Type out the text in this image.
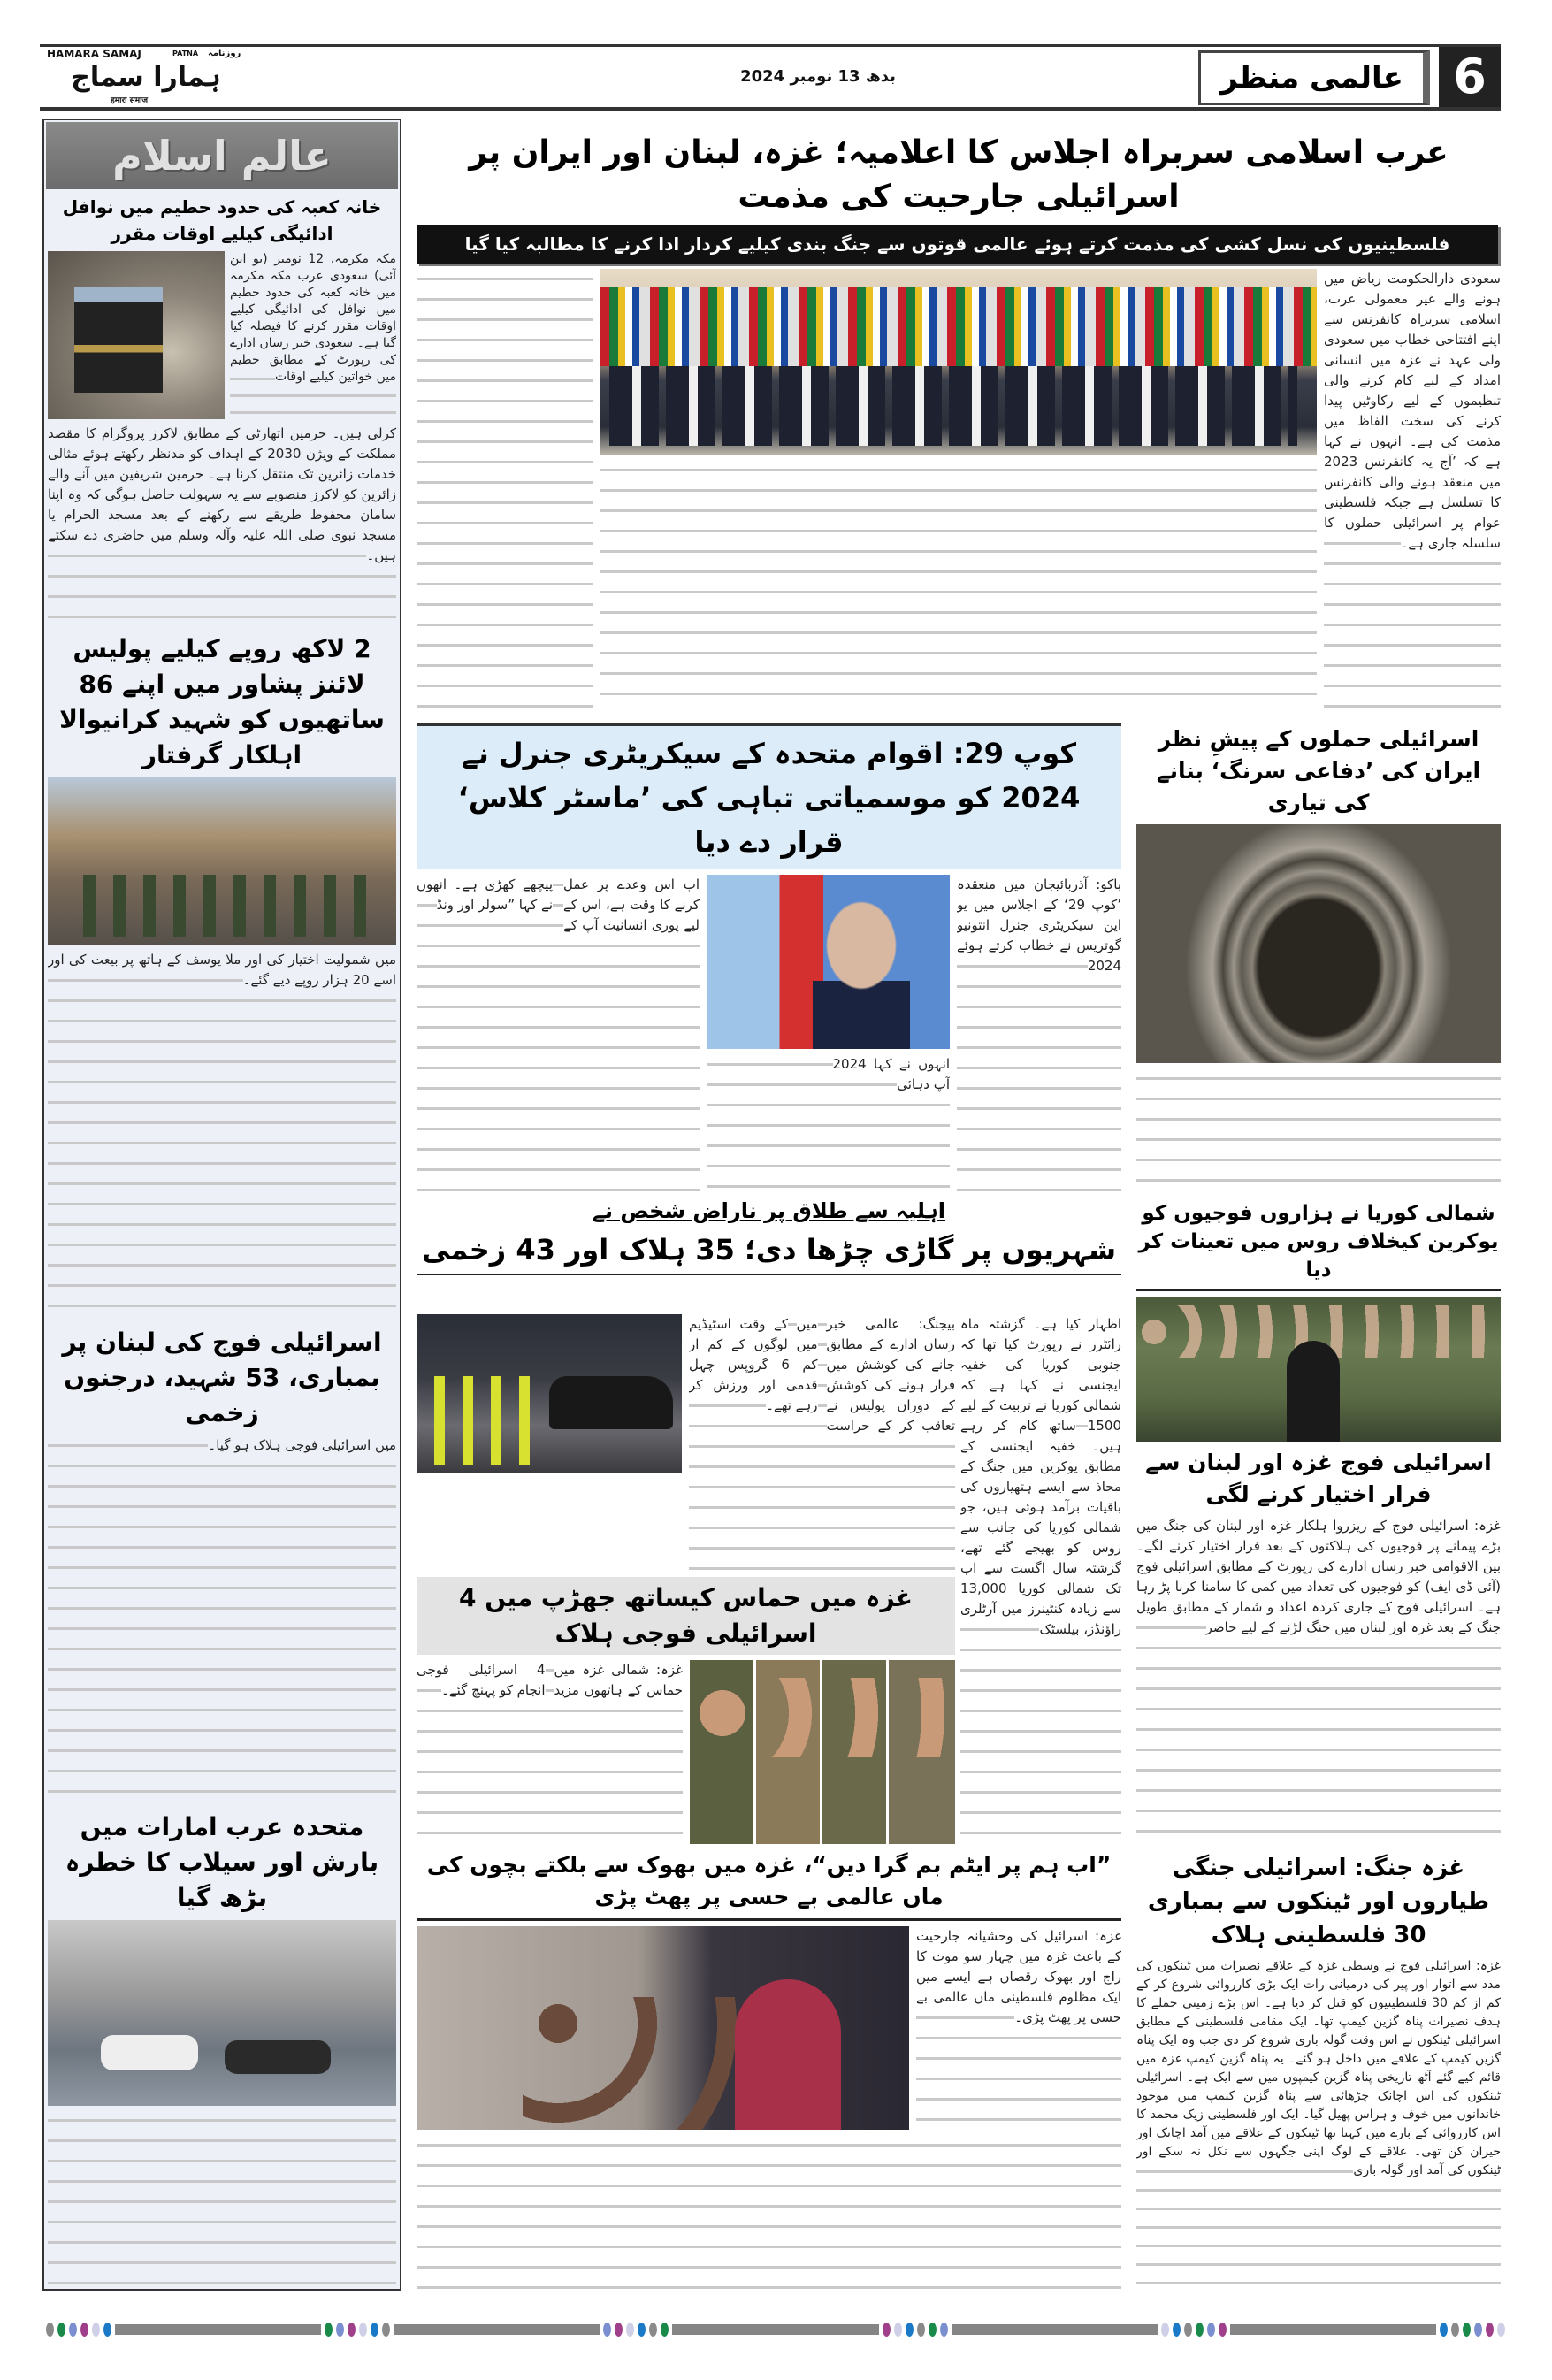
HAMARA SAMAJ	PATNA روزنامہ
ہمارا سماج
हमारा समाज
بدھ 13 نومبر 2024	عالمی منظر	6
عالم اسلام
خانہ کعبہ کی حدود حطیم میں نوافل ادائیگی کیلیے اوقات مقرر
مکہ مکرمہ، 12 نومبر (یو این آئی) سعودی عرب مکہ مکرمہ میں خانہ کعبہ کی حدود حطیم میں نوافل کی ادائیگی کیلیے اوقات مقرر کرنے کا فیصلہ کیا گیا ہے۔ سعودی خبر رساں ادارے کی رپورٹ کے مطابق حطیم میں خواتین کیلیے اوقات
کرلی ہیں۔ حرمین اتھارٹی کے مطابق لاکرز پروگرام کا مقصد مملکت کے ویژن 2030 کے اہداف کو مدنظر رکھتے ہوئے مثالی خدمات زائرین تک منتقل کرنا ہے۔ حرمین شریفین میں آنے والے زائرین کو لاکرز منصوبے سے یہ سہولت حاصل ہوگی کہ وہ اپنا سامان محفوظ طریقے سے رکھنے کے بعد مسجد الحرام یا مسجد نبوی صلی اللہ علیہ وآلہ وسلم میں حاضری دے سکتے ہیں۔
2 لاکھ روپے کیلیے پولیس لائنز پشاور میں اپنے 86 ساتھیوں کو شہید کرانیوالا اہلکار گرفتار
میں شمولیت اختیار کی اور ملا یوسف کے ہاتھ پر بیعت کی اور اسے 20 ہزار روپے دیے گئے۔
اسرائیلی فوج کی لبنان پر بمباری، 53 شہید، درجنوں زخمی
میں اسرائیلی فوجی ہلاک ہو گیا۔
متحدہ عرب امارات میں بارش اور سیلاب کا خطرہ بڑھ گیا
عرب اسلامی سربراہ اجلاس کا اعلامیہ؛ غزہ، لبنان اور ایران پر اسرائیلی جارحیت کی مذمت
فلسطینیوں کی نسل کشی کی مذمت کرتے ہوئے عالمی قوتوں سے جنگ بندی کیلیے کردار ادا کرنے کا مطالبہ کیا گیا
سعودی دارالحکومت ریاض میں ہونے والے غیر معمولی عرب، اسلامی سربراہ کانفرنس سے اپنے افتتاحی خطاب میں سعودی ولی عہد نے غزہ میں انسانی امداد کے لیے کام کرنے والی تنظیموں کے لیے رکاوٹیں پیدا کرنے کی سخت الفاظ میں مذمت کی ہے۔ انہوں نے کہا ہے کہ ’آج یہ کانفرنس 2023 میں منعقد ہونے والی کانفرنس کا تسلسل ہے جبکہ فلسطینی عوام پر اسرائیلی حملوں کا سلسلہ جاری ہے۔
کوپ 29: اقوام متحدہ کے سیکریٹری جنرل نے 2024 کو موسمیاتی تباہی کی ’ماسٹر کلاس‘ قرار دے دیا
اب اس وعدے پر عمل کرنے کا وقت ہے، اس کے لیے پوری انسانیت آپ کے پیچھے کھڑی ہے۔ انھوں نے کہا ”سولر اور ونڈ
انہوں نے کہا 2024 آپ دہائی
باکو: آذربائیجان میں منعقدہ ’کوپ 29‘ کے اجلاس میں یو این سیکریٹری جنرل انتونیو گوتریس نے خطاب کرتے ہوئے 2024
اسرائیلی حملوں کے پیشِ نظر ایران کی ’دفاعی سرنگ‘ بنانے کی تیاری
اہلیہ سے طلاق پر ناراض شخص نے
شہریوں پر گاڑی چڑھا دی؛ 35 ہلاک اور 43 زخمی
بیجنگ: عالمی خبر رساں ادارے کے مطابق جانے کی کوشش میں فرار ہونے کی کوشش کے دوران پولیس نے تعاقب کر کے حراست میں کے وقت اسٹیڈیم میں لوگوں کے کم از کم 6 گروپس چہل قدمی اور ورزش کر رہے تھے۔
اظہار کیا ہے۔ گزشتہ ماہ رائٹرز نے رپورٹ کیا تھا کہ جنوبی کوریا کی خفیہ ایجنسی نے کہا ہے کہ شمالی کوریا نے تربیت کے لیے 1500 ساتھ کام کر رہے ہیں۔ خفیہ ایجنسی کے مطابق یوکرین میں جنگ کے محاذ سے ایسے ہتھیاروں کی باقیات برآمد ہوئی ہیں، جو شمالی کوریا کی جانب سے روس کو بھیجے گئے تھے، گزشتہ سال اگست سے اب تک شمالی کوریا 13,000 سے زیادہ کنٹینرز میں آرٹلری راؤنڈز، بیلسٹک
شمالی کوریا نے ہزاروں فوجیوں کو یوکرین کیخلاف روس میں تعینات کر دیا
اسرائیلی فوج غزہ اور لبنان سے فرار اختیار کرنے لگی
غزہ: اسرائیلی فوج کے ریزروا ہلکار غزہ اور لبنان کی جنگ میں بڑے پیمانے پر فوجیوں کی ہلاکتوں کے بعد فرار اختیار کرنے لگے۔ بین الاقوامی خبر رساں ادارے کی رپورٹ کے مطابق اسرائیلی فوج (آئی ڈی ایف) کو فوجیوں کی تعداد میں کمی کا سامنا کرنا پڑ رہا ہے۔ اسرائیلی فوج کے جاری کردہ اعداد و شمار کے مطابق طویل جنگ کے بعد غزہ اور لبنان میں جنگ لڑنے کے لیے حاضر
غزہ میں حماس کیساتھ جھڑپ میں 4 اسرائیلی فوجی ہلاک
غزہ: شمالی غزہ میں حماس کے ہاتھوں مزید 4 اسرائیلی فوجی انجام کو پہنچ گئے۔
”اب ہم پر ایٹم بم گرا دیں“، غزہ میں بھوک سے بلکتے بچوں کی ماں عالمی بے حسی پر پھٹ پڑی
غزہ: اسرائیل کی وحشیانہ جارحیت کے باعث غزہ میں چہار سو موت کا راج اور بھوک رقصاں ہے ایسے میں ایک مظلوم فلسطینی ماں عالمی بے حسی پر پھٹ پڑی۔
غزہ جنگ: اسرائیلی جنگی طیاروں اور ٹینکوں سے بمباری 30 فلسطینی ہلاک
غزہ: اسرائیلی فوج نے وسطی غزہ کے علاقے نصیرات میں ٹینکوں کی مدد سے اتوار اور پیر کی درمیانی رات ایک بڑی کارروائی شروع کر کے کم از کم 30 فلسطینیوں کو قتل کر دیا ہے۔ اس بڑے زمینی حملے کا ہدف نصیرات پناہ گزین کیمپ تھا۔ ایک مقامی فلسطینی کے مطابق اسرائیلی ٹینکوں نے اس وقت گولہ باری شروع کر دی جب وہ ایک پناہ گزین کیمپ کے علاقے میں داخل ہو گئے۔ یہ پناہ گزین کیمپ غزہ میں قائم کیے گئے آٹھ تاریخی پناہ گزین کیمپوں میں سے ایک ہے۔ اسرائیلی ٹینکوں کی اس اچانک چڑھائی سے پناہ گزین کیمپ میں موجود خاندانوں میں خوف و ہراس پھیل گیا۔ ایک اور فلسطینی زیک محمد کا اس کارروائی کے بارے میں کہنا تھا ٹینکوں کے علاقے میں آمد اچانک اور حیران کن تھی۔ علاقے کے لوگ اپنی جگہوں سے نکل نہ سکے اور ٹینکوں کی آمد اور گولہ باری
